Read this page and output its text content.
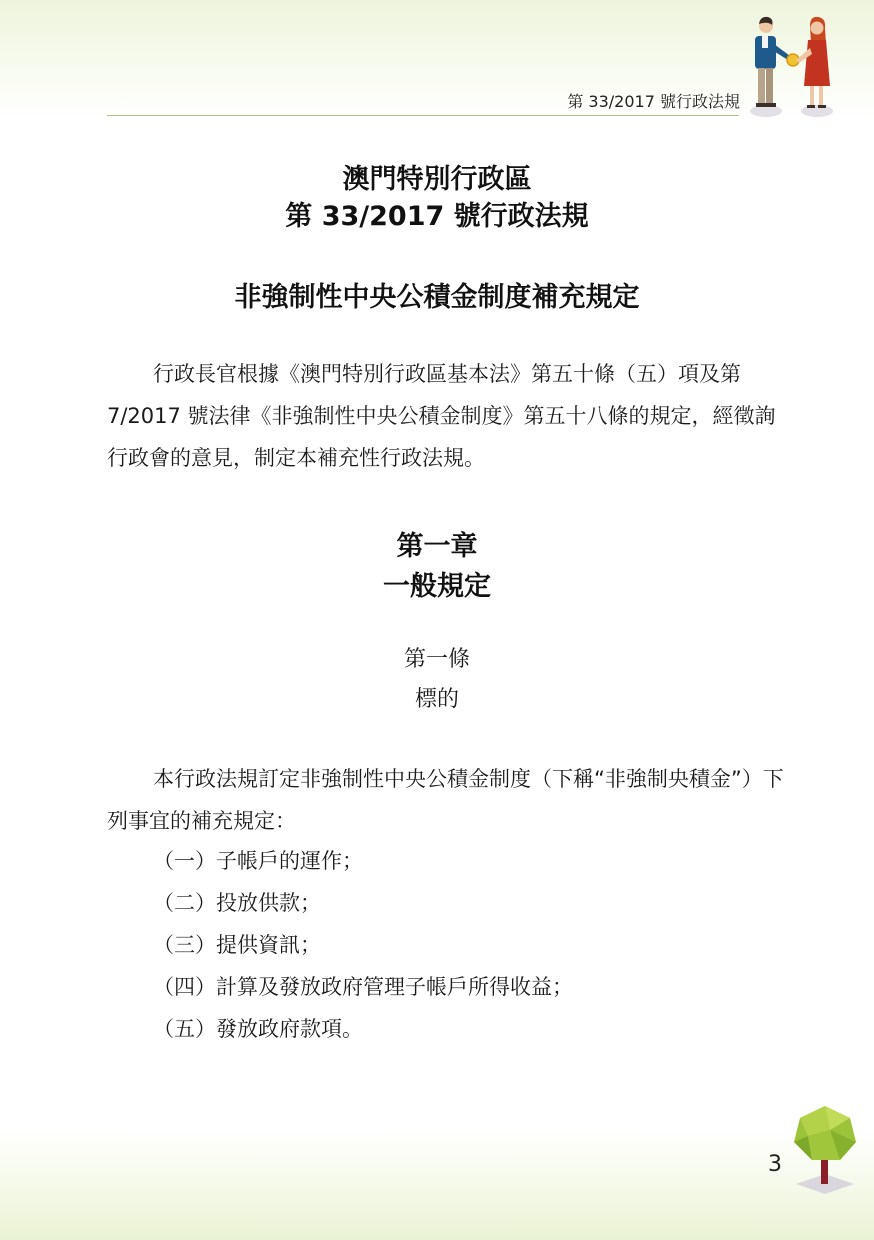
第 33/2017 號行政法規
澳門特別行政區
第 33/2017 號行政法規
非強制性中央公積金制度補充規定
行政長官根據《澳門特別行政區基本法》第五十條（五）項及第 7/2017 號法律《非強制性中央公積金制度》第五十八條的規定，經徵詢行政會的意見，制定本補充性行政法規。
第一章
一般規定
第一條
標的
本行政法規訂定非強制性中央公積金制度（下稱“非強制央積金”）下列事宜的補充規定：
（一）子帳戶的運作；
（二）投放供款；
（三）提供資訊；
（四）計算及發放政府管理子帳戶所得收益；
（五）發放政府款項。
3
